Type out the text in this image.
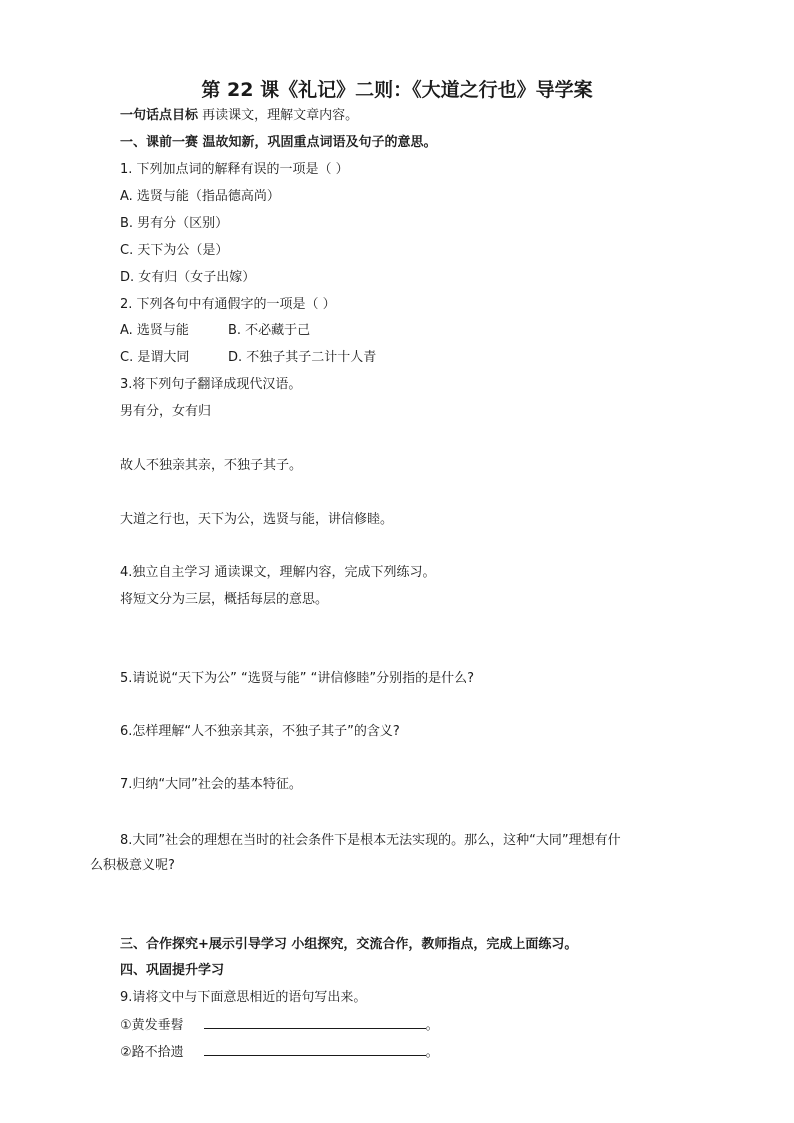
第 22 课《礼记》二则：《大道之行也》导学案
一句话点目标 再读课文，理解文章内容。
一、课前一赛 温故知新，巩固重点词语及句子的意思。
1. 下列加点词的解释有误的一项是（ ）
A. 选贤与能（指品德高尚）
B. 男有分（区别）
C. 天下为公（是）
D. 女有归（女子出嫁）
2. 下列各句中有通假字的一项是（ ）
A. 选贤与能	B. 不必藏于己
C. 是谓大同	D. 不独子其子二计十人青
3.将下列句子翻译成现代汉语。
男有分，女有归
故人不独亲其亲，不独子其子。
大道之行也，天下为公，选贤与能，讲信修睦。
4.独立自主学习 通读课文，理解内容，完成下列练习。
将短文分为三层，概括每层的意思。
5.请说说“天下为公” “选贤与能” “讲信修睦”分别指的是什么?
6.怎样理解“人不独亲其亲，不独子其子”的含义?
7.归纳“大同”社会的基本特征。
8.大同”社会的理想在当时的社会条件下是根本无法实现的。那么，这种“大同”理想有什
么积极意义呢?
三、合作探究+展示引导学习 小组探究，交流合作，教师指点，完成上面练习。
四、巩固提升学习
9.请将文中与下面意思相近的语句写出来。
①黄发垂髫	。
②路不拾遗	。
